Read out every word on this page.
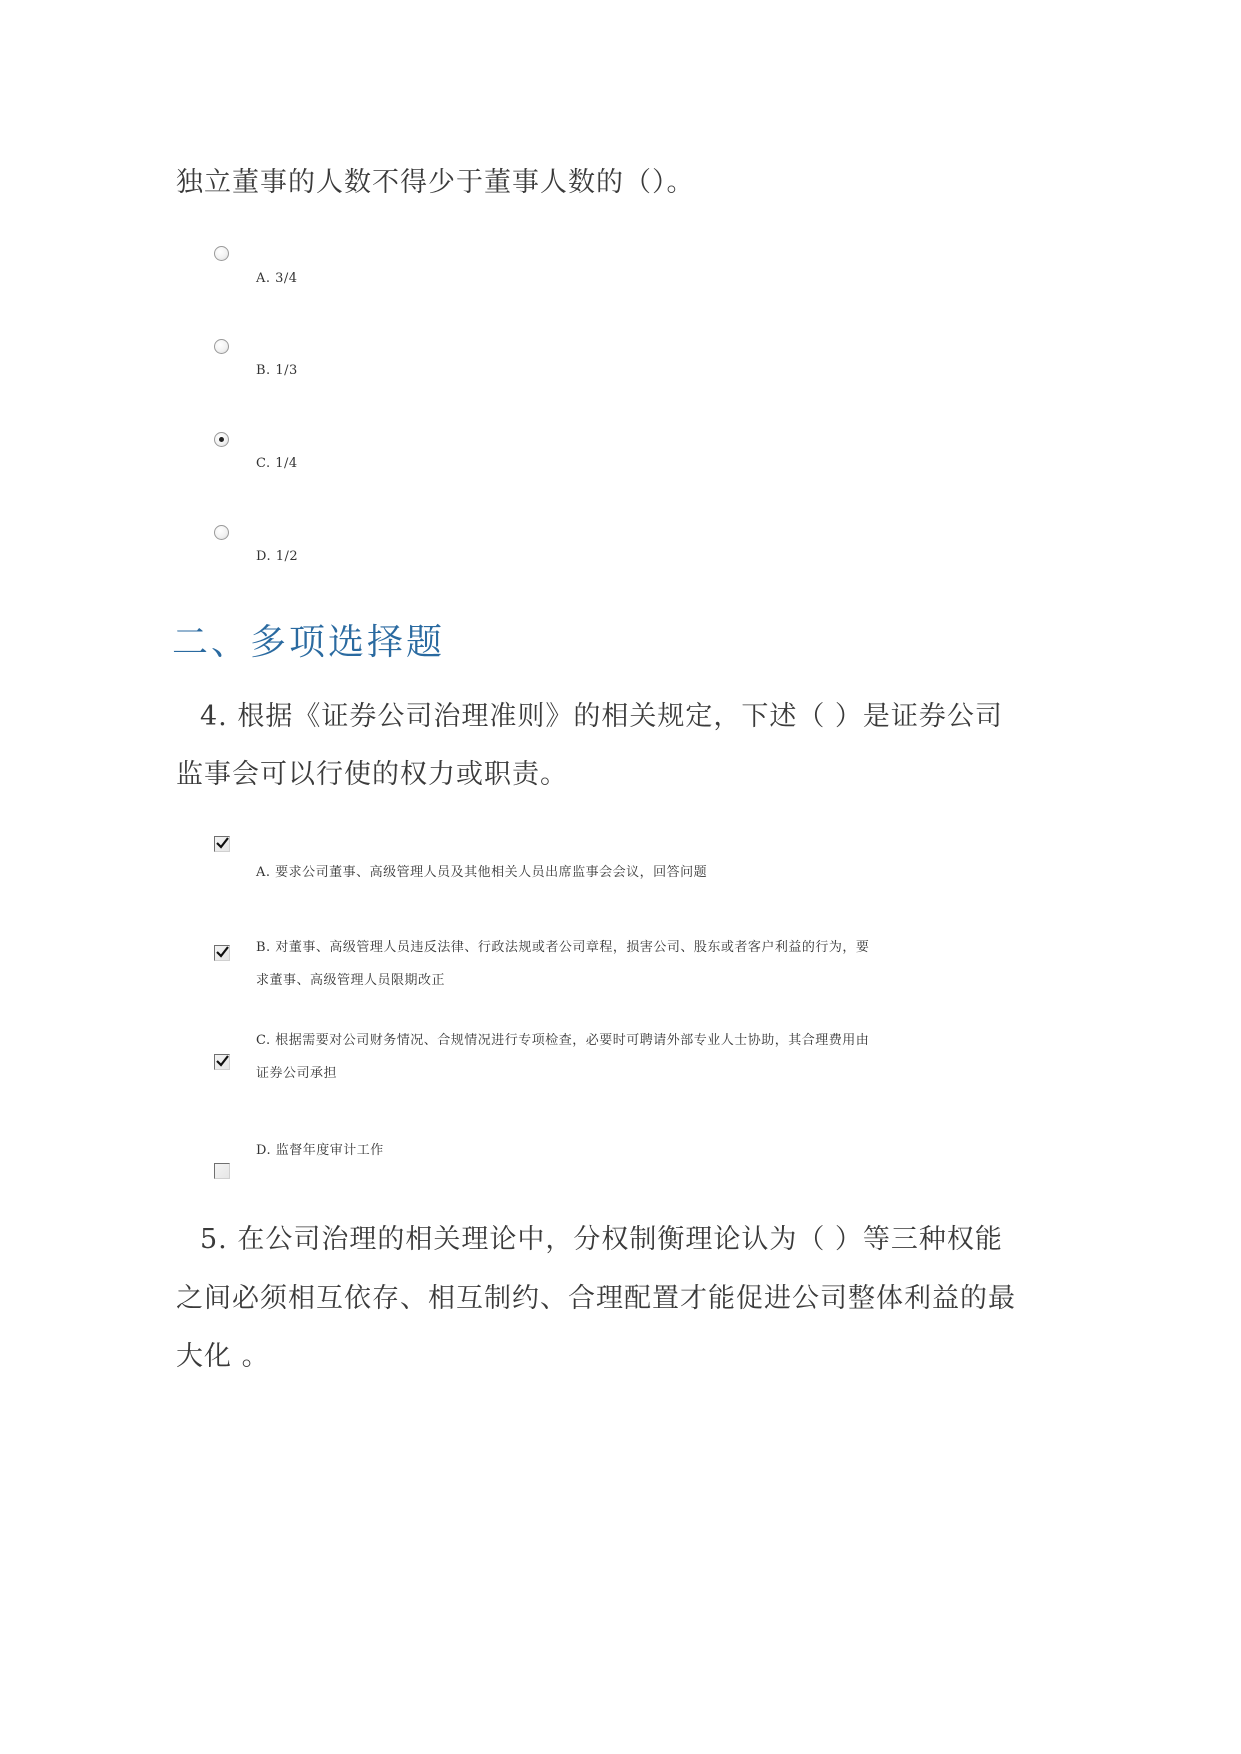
独立董事的人数不得少于董事人数的（）。
A. 3/4
B. 1/3
C. 1/4
D. 1/2
二、多项选择题
4. 根据《证券公司治理准则》的相关规定，下述（ ）是证券公司
监事会可以行使的权力或职责。
A. 要求公司董事、高级管理人员及其他相关人员出席监事会会议，回答问题
B. 对董事、高级管理人员违反法律、行政法规或者公司章程，损害公司、股东或者客户利益的行为，要
求董事、高级管理人员限期改正
C. 根据需要对公司财务情况、合规情况进行专项检查，必要时可聘请外部专业人士协助，其合理费用由
证券公司承担
D. 监督年度审计工作
5. 在公司治理的相关理论中，分权制衡理论认为（ ）等三种权能
之间必须相互依存、相互制约、合理配置才能促进公司整体利益的最
大化 。
